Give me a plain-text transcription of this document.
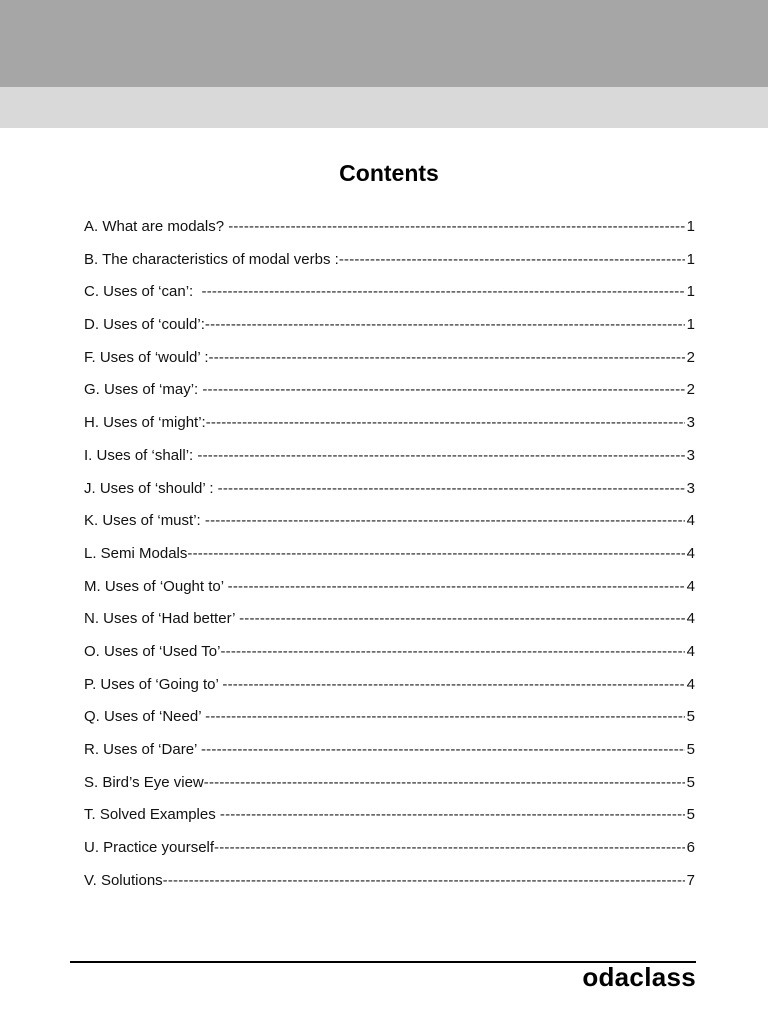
Contents
A. What are modals? -----	1
B. The characteristics of modal verbs : -----	1
C. Uses of ‘can’: -----	1
D. Uses of ‘could’: -----	1
F. Uses of ‘would’ : -----	2
G. Uses of ‘may’: -----	2
H. Uses of ‘might’: -----	3
I. Uses of ‘shall’: -----	3
J. Uses of ‘should’ : -----	3
K. Uses of ‘must’: -----	4
L. Semi Modals -----	4
M. Uses of ‘Ought to’ -----	4
N. Uses of ‘Had better’ -----	4
O. Uses of ‘Used To’ -----	4
P. Uses of ‘Going to’ -----	4
Q. Uses of ‘Need’ -----	5
R. Uses of ‘Dare’ -----	5
S. Bird’s Eye view -----	5
T. Solved Examples -----	5
U. Practice yourself -----	6
V. Solutions -----	7
odaclass
